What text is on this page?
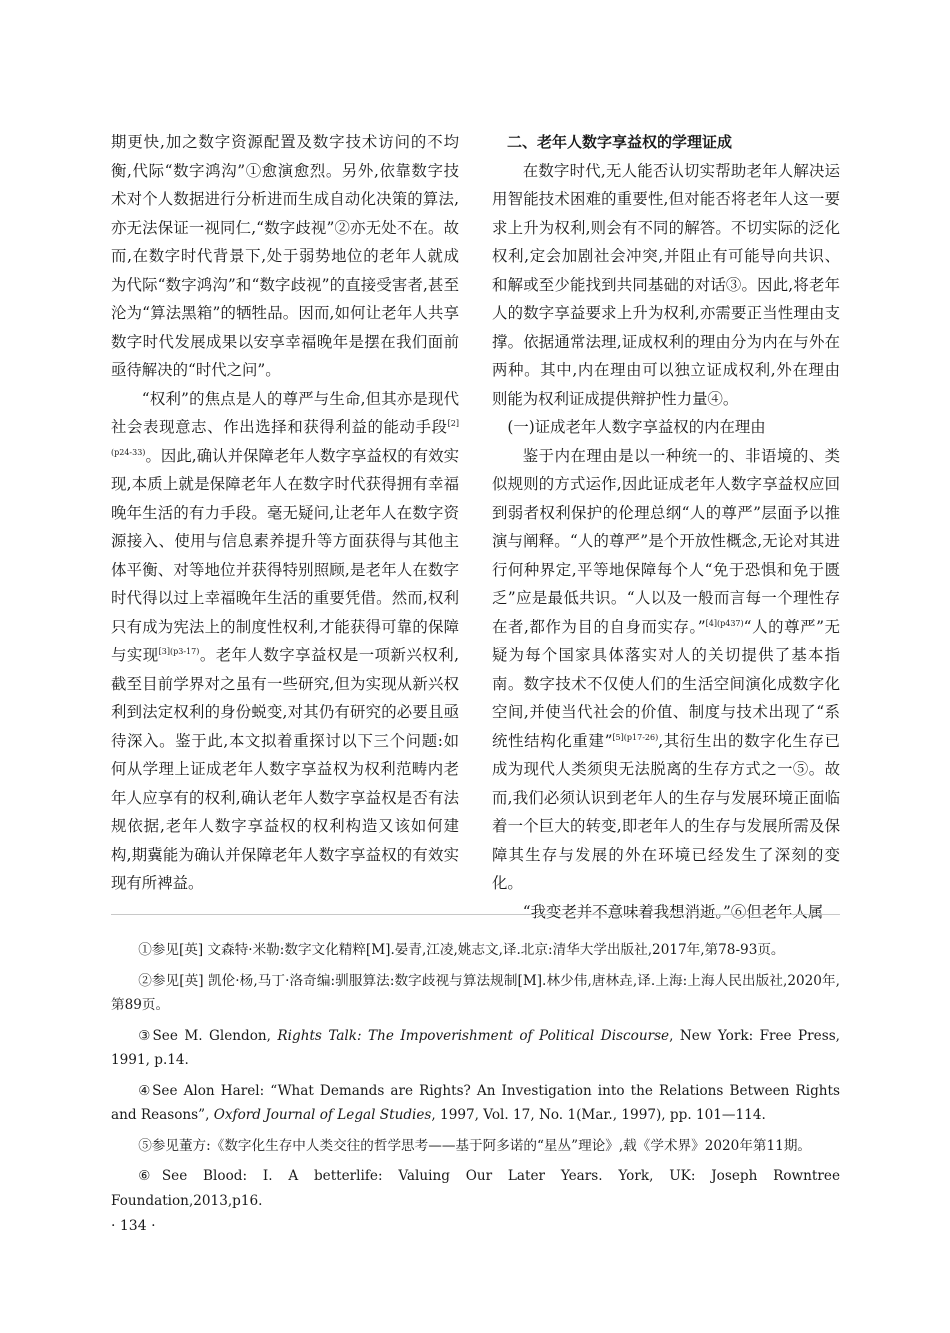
期更快,加之数字资源配置及数字技术访问的不均衡,代际“数字鸿沟”①愈演愈烈。另外,依靠数字技术对个人数据进行分析进而生成自动化决策的算法,亦无法保证一视同仁,“数字歧视”②亦无处不在。故而,在数字时代背景下,处于弱势地位的老年人就成为代际“数字鸿沟”和“数字歧视”的直接受害者,甚至沦为“算法黑箱”的牺牲品。因而,如何让老年人共享数字时代发展成果以安享幸福晚年是摆在我们面前亟待解决的“时代之问”。

“权利”的焦点是人的尊严与生命,但其亦是现代社会表现意志、作出选择和获得利益的能动手段$^{[2](p24-33)}$。因此,确认并保障老年人数字享益权的有效实现,本质上就是保障老年人在数字时代获得拥有幸福晚年生活的有力手段。毫无疑问,让老年人在数字资源接入、使用与信息素养提升等方面获得与其他主体平衡、对等地位并获得特别照顾,是老年人在数字时代得以过上幸福晚年生活的重要凭借。然而,权利只有成为宪法上的制度性权利,才能获得可靠的保障与实现$^{[3](p3-17)}$。老年人数字享益权是一项新兴权利,截至目前学界对之虽有一些研究,但为实现从新兴权利到法定权利的身份蜕变,对其仍有研究的必要且亟待深入。鉴于此,本文拟着重探讨以下三个问题:如何从学理上证成老年人数字享益权为权利范畴内老年人应享有的权利,确认老年人数字享益权是否有法规依据,老年人数字享益权的权利构造又该如何建构,期冀能为确认并保障老年人数字享益权的有效实现有所裨益。

二、老年人数字享益权的学理证成

在数字时代,无人能否认切实帮助老年人解决运用智能技术困难的重要性,但对能否将老年人这一要求上升为权利,则会有不同的解答。不切实际的泛化权利,定会加剧社会冲突,并阻止有可能导向共识、和解或至少能找到共同基础的对话③。因此,将老年人的数字享益要求上升为权利,亦需要正当性理由支撑。依据通常法理,证成权利的理由分为内在与外在两种。其中,内在理由可以独立证成权利,外在理由则能为权利证成提供辩护性力量④。

(一)证成老年人数字享益权的内在理由

鉴于内在理由是以一种统一的、非语境的、类似规则的方式运作,因此证成老年人数字享益权应回到弱者权利保护的伦理总纲“人的尊严”层面予以推演与阐释。“人的尊严”是个开放性概念,无论对其进行何种界定,平等地保障每个人“免于恐惧和免于匮乏”应是最低共识。“人以及一般而言每一个理性存在者,都作为目的自身而实存。”$^{[4](p437)}$“人的尊严”无疑为每个国家具体落实对人的关切提供了基本指南。数字技术不仅使人们的生活空间演化成数字化空间,并使当代社会的价值、制度与技术出现了“系统性结构化重建”$^{[5](p17-26)}$,其衍生出的数字化生存已成为现代人类须臾无法脱离的生存方式之一⑤。故而,我们必须认识到老年人的生存与发展环境正面临着一个巨大的转变,即老年人的生存与发展所需及保障其生存与发展的外在环境已经发生了深刻的变化。

“我变老并不意味着我想消逝。”⑥但老年人属

①参见[英] 文森特·米勒:数字文化精粹[M].晏青,江凌,姚志文,译.北京:清华大学出版社,2017年,第78-93页。

②参见[英] 凯伦·杨,马丁·洛奇编:驯服算法:数字歧视与算法规制[M].林少伟,唐林垚,译.上海:上海人民出版社,2020年,第89页。

③See M. Glendon, Rights Talk: The Impoverishment of Political Discourse, New York: Free Press, 1991, p.14.

④See Alon Harel: “What Demands are Rights? An Investigation into the Relations Between Rights and Reasons”, Oxford Journal of Legal Studies, 1997, Vol. 17, No. 1(Mar., 1997), pp. 101—114.

⑤参见董方:《数字化生存中人类交往的哲学思考——基于阿多诺的“星丛”理论》,载《学术界》2020年第11期。

⑥See Blood: I. A betterlife: Valuing Our Later Years. York, UK: Joseph Rowntree Foundation,2013,p16.

· 134 ·
